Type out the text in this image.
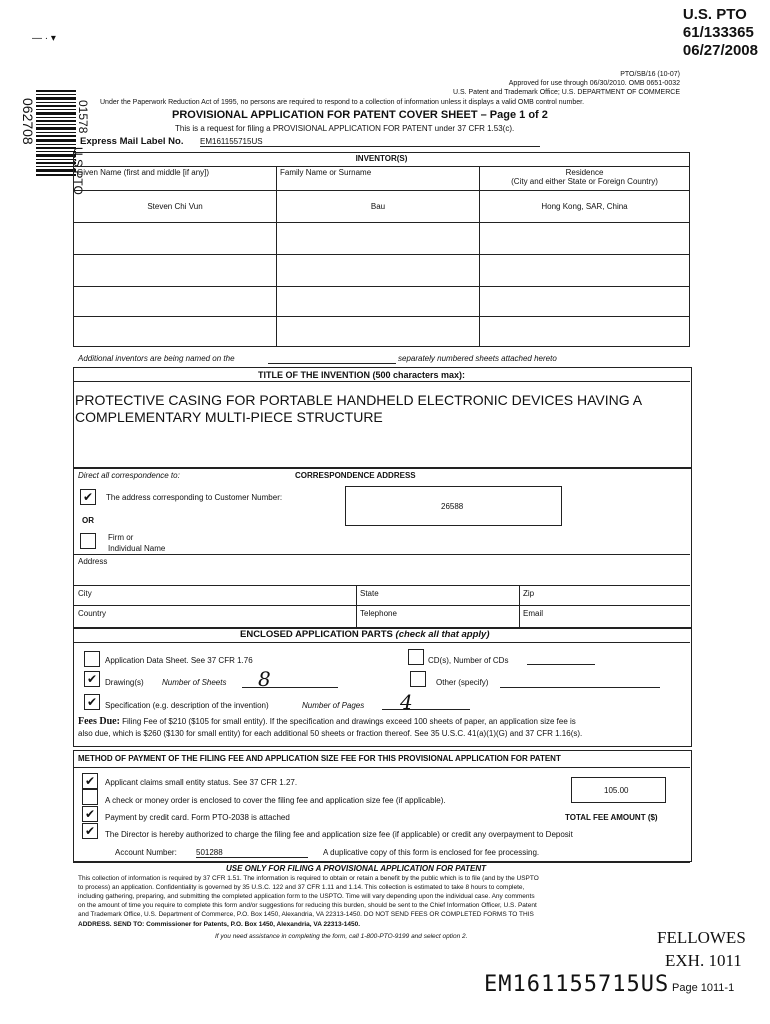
U.S. PTO
61/133365
06/27/2008
— · ▾
PTO/SB/16 (10-07)
Approved for use through 06/30/2010. OMB 0651-0032
U.S. Patent and Trademark Office; U.S. DEPARTMENT OF COMMERCE
Under the Paperwork Reduction Act of 1995, no persons are required to respond to a collection of information unless it displays a valid OMB control number.
PROVISIONAL APPLICATION FOR PATENT COVER SHEET – Page 1 of 2
This is a request for filing a PROVISIONAL APPLICATION FOR PATENT under 37 CFR 1.53(c).
Express Mail Label No. EM161155715US
062708	01578
U.S.PTO	INVENTOR(S)		
Given Name (first and middle [if any])	Family Name or Surname	Residence
(City and either State or Foreign Country)

Steven Chi Vun	Bau	Hong Kong, SAR, China

Additional inventors are being named on the	separately numbered sheets attached hereto
TITLE OF THE INVENTION (500 characters max):
PROTECTIVE CASING FOR PORTABLE HANDHELD ELECTRONIC DEVICES HAVING A
COMPLEMENTARY MULTI-PIECE STRUCTURE
Direct all correspondence to:	CORRESPONDENCE ADDRESS
✔	The address corresponding to Customer Number:
26588
OR
Firm or
Individual Name
Address
City	State	Zip
Country	Telephone	Email
ENCLOSED APPLICATION PARTS (check all that apply)
Application Data Sheet. See 37 CFR 1.76	CD(s), Number of CDs
✔ Drawing(s) Number of Sheets 8	Other (specify)
✔ Specification (e.g. description of the invention)	Number of Pages 4
Fees Due: Filing Fee of $210 ($105 for small entity). If the specification and drawings exceed 100 sheets of paper, an application size fee is
also due, which is $260 ($130 for small entity) for each additional 50 sheets or fraction thereof. See 35 U.S.C. 41(a)(1)(G) and 37 CFR 1.16(s).
METHOD OF PAYMENT OF THE FILING FEE AND APPLICATION SIZE FEE FOR THIS PROVISIONAL APPLICATION FOR PATENT
✔	Applicant claims small entity status. See 37 CFR 1.27.
A check or money order is enclosed to cover the filing fee and application size fee (if applicable).
✔	Payment by credit card. Form PTO-2038 is attached
✔	The Director is hereby authorized to charge the filing fee and application size fee (if applicable) or credit any overpayment to Deposit
Account Number: 501288	A duplicative copy of this form is enclosed for fee processing.
105.00
TOTAL FEE AMOUNT ($)
USE ONLY FOR FILING A PROVISIONAL APPLICATION FOR PATENT
This collection of information is required by 37 CFR 1.51. The information is required to obtain or retain a benefit by the public which is to file (and by the USPTO
to process) an application. Confidentiality is governed by 35 U.S.C. 122 and 37 CFR 1.11 and 1.14. This collection is estimated to take 8 hours to complete,
including gathering, preparing, and submitting the completed application form to the USPTO. Time will vary depending upon the individual case. Any comments
on the amount of time you require to complete this form and/or suggestions for reducing this burden, should be sent to the Chief Information Officer, U.S. Patent
and Trademark Office, U.S. Department of Commerce, P.O. Box 1450, Alexandria, VA 22313-1450. DO NOT SEND FEES OR COMPLETED FORMS TO THIS
ADDRESS. SEND TO: Commissioner for Patents, P.O. Box 1450, Alexandria, VA 22313-1450.
If you need assistance in completing the form, call 1-800-PTO-9199 and select option 2.	FELLOWES
EXH. 1011
EM161155715US Page 1011-1
